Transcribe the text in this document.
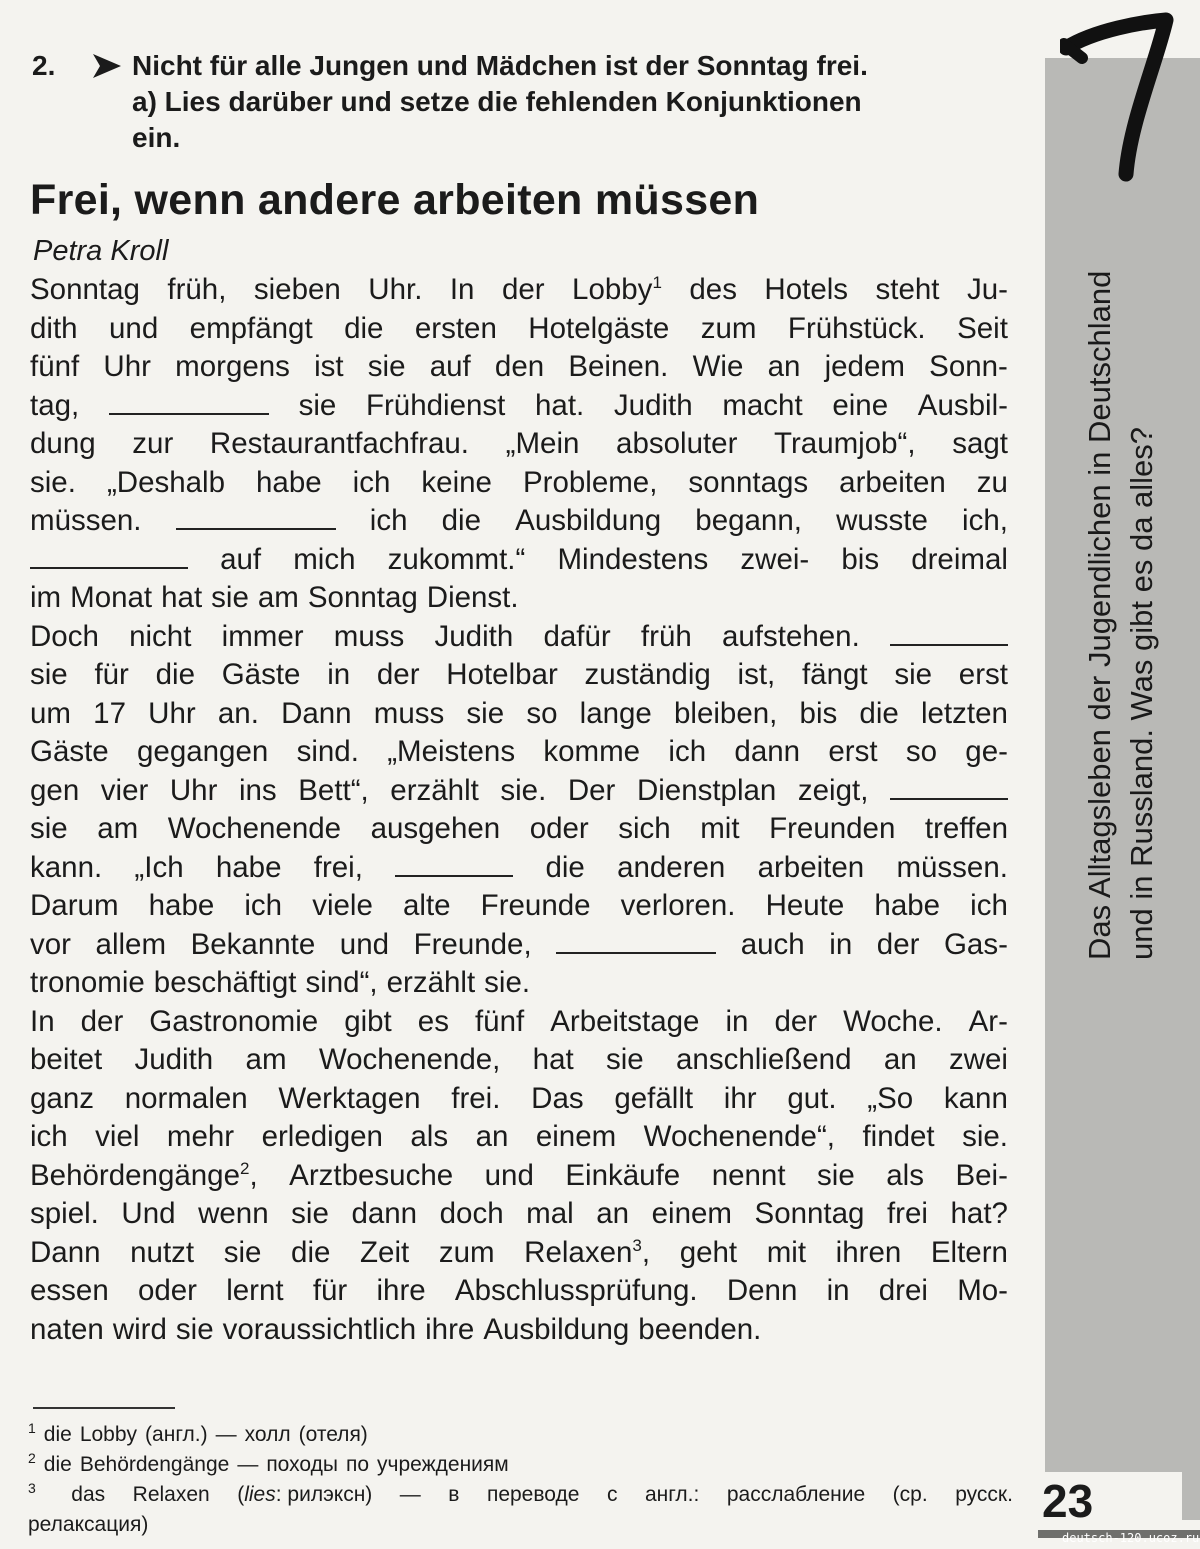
Das Alltagsleben der Jugendlichen in Deutschland und in Russland. Was gibt es da alles?
23
deutsch-120.ucoz.ru
2.	Nicht für alle Jungen und Mädchen ist der Sonntag frei.
a) Lies darüber und setze die fehlenden Konjunktionen
ein.
Frei, wenn andere arbeiten müssen
Petra Kroll
Sonntag früh, sieben Uhr. In der Lobby$^1$ des Hotels steht Ju-
dith und empfängt die ersten Hotelgäste zum Frühstück. Seit
fünf Uhr morgens ist sie auf den Beinen. Wie an jedem Sonn-
tag,	sie Frühdienst hat. Judith macht eine Ausbil-
dung zur Restaurantfachfrau. „Mein absoluter Traumjob“, sagt
sie. „Deshalb habe ich keine Probleme, sonntags arbeiten zu
müssen.	ich die Ausbildung begann, wusste ich,
auf mich zukommt.“ Mindestens zwei- bis dreimal
im Monat hat sie am Sonntag Dienst.
Doch nicht immer muss Judith dafür früh aufstehen.
sie für die Gäste in der Hotelbar zuständig ist, fängt sie erst
um 17 Uhr an. Dann muss sie so lange bleiben, bis die letzten
Gäste gegangen sind. „Meistens komme ich dann erst so ge-
gen vier Uhr ins Bett“, erzählt sie. Der Dienstplan zeigt,
sie am Wochenende ausgehen oder sich mit Freunden treffen
kann. „Ich habe frei,	die anderen arbeiten müssen.
Darum habe ich viele alte Freunde verloren. Heute habe ich
vor allem Bekannte und Freunde,	auch in der Gas-
tronomie beschäftigt sind“, erzählt sie.
In der Gastronomie gibt es fünf Arbeitstage in der Woche. Ar-
beitet Judith am Wochenende, hat sie anschließend an zwei
ganz normalen Werktagen frei. Das gefällt ihr gut. „So kann
ich viel mehr erledigen als an einem Wochenende“, findet sie.
Behördengänge$^2$, Arztbesuche und Einkäufe nennt sie als Bei-
spiel. Und wenn sie dann doch mal an einem Sonntag frei hat?
Dann nutzt sie die Zeit zum Relaxen$^3$, geht mit ihren Eltern
essen oder lernt für ihre Abschlussprüfung. Denn in drei Mo-
naten wird sie voraussichtlich ihre Ausbildung beenden.
$^1$ die Lobby (англ.) — холл (отеля)
$^2$ die Behördengänge — походы по учреждениям
$^3$ das Relaxen (lies: рилэксн) — в переводе с англ.: расслабление (ср. русск.
релаксация)
